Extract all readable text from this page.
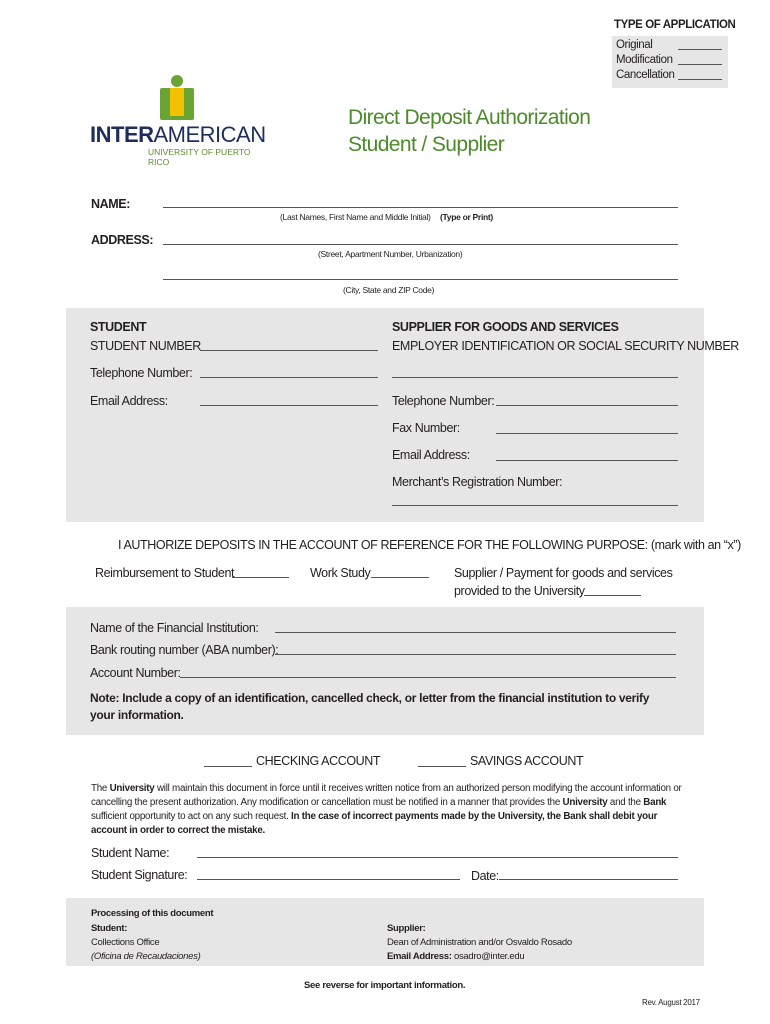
TYPE OF APPLICATION
Original
Modification
Cancellation
INTERAMERICAN
UNIVERSITY OF PUERTO RICO
Direct Deposit Authorization
Student / Supplier
NAME:
(Last Names, First Name and Middle Initial) (Type or Print)
ADDRESS:
(Street, Apartment Number, Urbanization)
(City, State and ZIP Code)
STUDENT
STUDENT NUMBER
Telephone Number:
Email Address:
SUPPLIER FOR GOODS AND SERVICES
EMPLOYER IDENTIFICATION OR SOCIAL SECURITY NUMBER
Telephone Number:
Fax Number:
Email Address:
Merchant’s Registration Number:
I AUTHORIZE DEPOSITS IN THE ACCOUNT OF REFERENCE FOR THE FOLLOWING PURPOSE: (mark with an “x”)
Reimbursement to Student	Work Study	Supplier / Payment for goods and services
provided to the University
Name of the Financial Institution:
Bank routing number (ABA number):
Account Number:
Note: Include a copy of an identification, cancelled check, or letter from the financial institution to verify
your information.
CHECKING ACCOUNT	SAVINGS ACCOUNT
The University will maintain this document in force until it receives written notice from an authorized person modifying the account information or cancelling the present authorization. Any modification or cancellation must be notified in a manner that provides the University and the Bank sufficient opportunity to act on any such request. In the case of incorrect payments made by the University, the Bank shall debit your account in order to correct the mistake.
Student Name:
Student Signature:	Date:
Processing of this document
Student:
Collections Office
(Oficina de Recaudaciones)
Supplier:
Dean of Administration and/or Osvaldo Rosado
Email Address: osadro@inter.edu
See reverse for important information.
Rev. August 2017
